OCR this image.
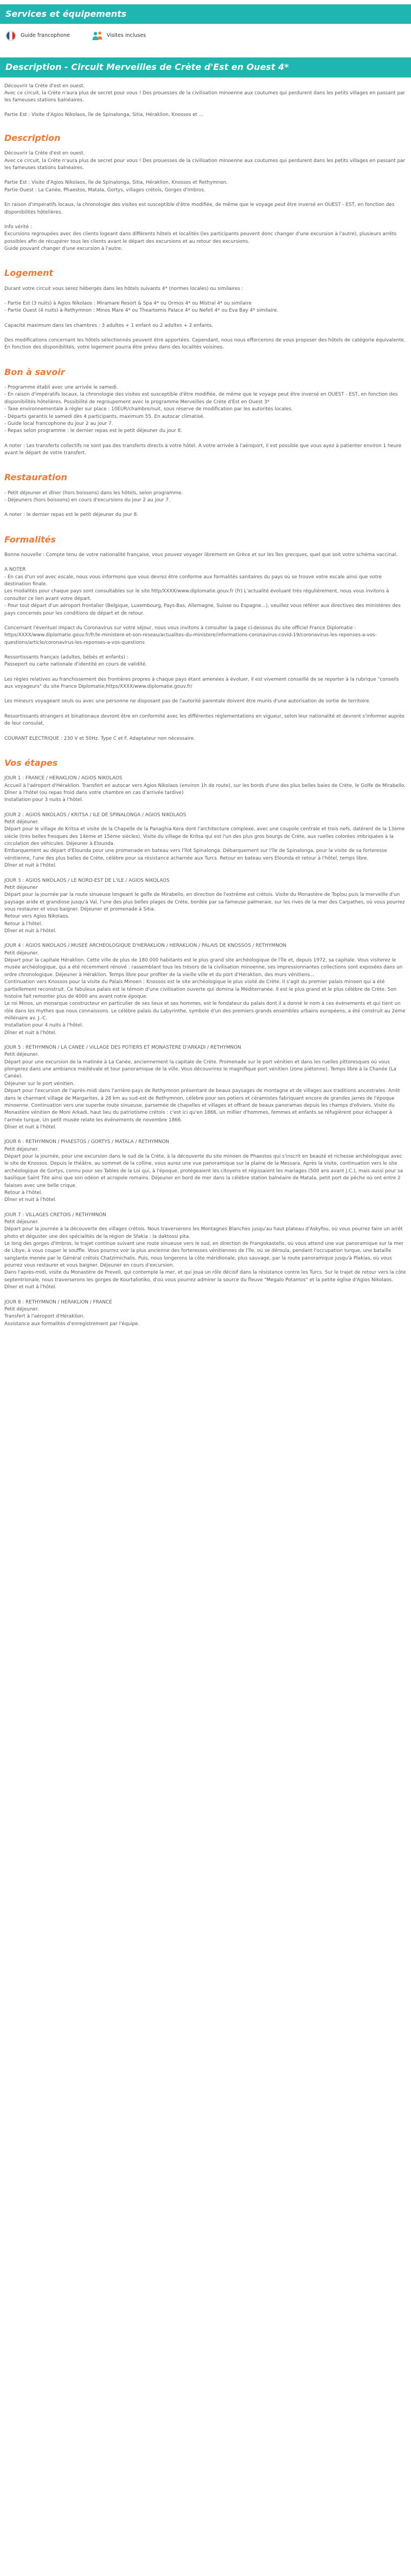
Services et équipements
Guide francophone	Visites incluses
Description - Circuit Merveilles de Crète d'Est en Ouest 4*

Découvrir la Crète d'est en ouest.

Avec ce circuit, la Crète n'aura plus de secret pour vous ! Des prouesses de la civilisation minoenne aux coutumes qui perdurent dans les petits villages en passant par les fameuses stations balnéaires.

Partie Est : Visite d'Agios Nikolaos, île de Spinalonga, Sitia, Héraklion, Knossos et ...

Description

Découvrir la Crète d'est en ouest.

Avec ce circuit, la Crète n'aura plus de secret pour vous ! Des prouesses de la civilisation minoenne aux coutumes qui perdurent dans les petits villages en passant par les fameuses stations balnéaires.

Partie Est : Visite d'Agios Nikolaos, île de Spinalonga, Sitia, Héraklion, Knossos et Rethymnon.

Partie Ouest : La Canée, Phaestos, Matala, Gortys, villages crétois, Gorges d'Imbros.

En raison d'impératifs locaux, la chronologie des visites est susceptible d'être modifiée, de même que le voyage peut être inversé en OUEST - EST, en fonction des disponibilités hôtelières.

Info vérité :

Excursions regroupées avec des clients logeant dans différents hôtels et localités (les participants peuvent donc changer d'une excursion à l'autre), plusieurs arrêts possibles afin de récupérer tous les clients avant le départ des excursions et au retour des excursions.

Guide pouvant changer d'une excursion à l'autre.

Logement

Durant votre circuit vous serez hébergés dans les hôtels suivants 4* (normes locales) ou similaires :

- Partie Est (3 nuits) à Agios Nikolaos : Miramare Resort & Spa 4* ou Ormos 4* ou Mistral 4* ou similaire

- Partie Ouest (4 nuits) à Rethymnon : Minos Mare 4* ou Theartemis Palace 4* ou Nefeli 4* ou Eva Bay 4* similaire.

Capacité maximum dans les chambres : 3 adultes + 1 enfant ou 2 adultes + 2 enfants.

Des modifications concernant les hôtels sélectionnés peuvent être apportées. Cependant, nous nous efforcerons de vous proposer des hôtels de catégorie équivalente. En fonction des disponibilités, votre logement pourra être prévu dans des localités voisines.

Bon à savoir

- Programme établi avec une arrivée le samedi.

- En raison d'impératifs locaux, la chronologie des visites est susceptible d'être modifiée, de même que le voyage peut être inversé en OUEST - EST, en fonction des disponibilités hôtelières. Possibilité de regroupement avec le programme Merveilles de Crète d'Est en Ouest 3*

- Taxe environnementale à régler sur place : 10EUR/chambre/nuit, sous réserve de modification par les autorités locales.

- Départs garantis le samedi dès 4 participants, maximum 55. En autocar climatisé.

- Guide local francophone du jour 2 au jour 7.

- Repas selon programme : le dernier repas est le petit déjeuner du jour 8.

A noter : Les transferts collectifs ne sont pas des transferts directs à votre hôtel. A votre arrivée à l'aéroport, il est possible que vous ayez à patienter environ 1 heure avant le départ de votre transfert.

Restauration

- Petit déjeuner et dîner (hors boissons) dans les hôtels, selon programme.

- Déjeuners (hors boissons) en cours d'excursions du jour 2 au jour 7.

A noter : le dernier repas est le petit déjeuner du jour 8.

Formalités

Bonne nouvelle : Compte tenu de votre nationalité française, vous pouvez voyager librement en Grèce et sur les îles grecques, quel que soit votre schéma vaccinal.

A NOTER

- En cas d'un vol avec escale, nous vous informons que vous devrez être conforme aux formalités sanitaires du pays où se trouve votre escale ainsi que votre destination finale.

Les modalités pour chaque pays sont consultables sur le site http/XXXX/www.diplomatie.gouv.fr (fr) L'actualité évoluant très régulièrement, nous vous invitons à consulter ce lien avant votre départ.

- Pour tout départ d'un aéroport frontalier (Belgique, Luxembourg, Pays-Bas, Allemagne, Suisse ou Espagne...), veuillez vous référer aux directives des ministères des pays concernés pour les conditions de départ et de retour.

Concernant l'éventuel impact du Coronavirus sur votre séjour, nous vous invitons à consulter la page ci-dessous du site officiel France Diplomatie :

https/XXXX/www.diplomatie.gouv.fr/fr/le-ministere-et-son-reseau/actualites-du-ministere/informations-coronavirus-covid-19/coronavirus-les-reponses-a-vos-questions/article/coronavirus-les-reponses-a-vos-questions

Ressortissants français (adultes, bébés et enfants) :

Passeport ou carte nationale d'identité en cours de validité.

Les règles relatives au franchissement des frontières propres à chaque pays étant amenées à évoluer, il est vivement conseillé de se reporter à la rubrique "conseils aux voyageurs" du site France Diplomatie;https/XXXX/www.diplomatie.gouv.fr/

Les mineurs voyageant seuls ou avec une personne ne disposant pas de l'autorité parentale doivent être munis d'une autorisation de sortie de territoire.

Ressortissants étrangers et binationaux devront être en conformité avec les différentes réglementations en vigueur, selon leur nationalité et devront s'informer auprès de leur consulat.

COURANT ELECTRIQUE : 230 V et 50Hz. Type C et F. Adaptateur non nécessaire.

Vos étapes

JOUR 1 : FRANCE / HERAKLION / AGIOS NIKOLAOS

Accueil à l'aéroport d'Héraklion. Transfert en autocar vers Agios Nikolaos (environ 1h de route), sur les bords d'une des plus belles baies de Crète, le Golfe de Mirabello.

Dîner à l'hôtel (ou repas froid dans votre chambre en cas d'arrivée tardive)

Installation pour 3 nuits à l'hôtel.

JOUR 2 : AGIOS NIKOLAOS / KRITSA / ILE DE SPINALONGA / AGIOS NIKOLAOS

Petit déjeuner.

Départ pour le village de Kritsa et visite de la Chapelle de la Panaghia Kera dont l'architecture complexe, avec une coupole centrale et trois nefs, datèrent de la 13ème siècle (très belles fresques des 14ème et 15ème siècles). Visite du village de Kritsa qui est l'un des plus gros bourgs de Crète, aux ruelles colorées imbriquées à la circulation des véhicules. Déjeuner à Elounda.

Embarquement au départ d'Elounda pour une promenade en bateau vers l'îlot Spinalonga. Débarquement sur l'île de Spinalonga, pour la visite de sa forteresse vénitienne, l'une des plus belles de Crète, célèbre pour sa résistance acharnée aux Turcs. Retour en bateau vers Elounda et retour à l'hôtel, temps libre.

Dîner et nuit à l'hôtel.

JOUR 3 : AGIOS NIKOLAOS / LE NORD-EST DE L'ILE / AGIOS NIKOLAOS

Petit déjeuner

Départ pour la journée par la route sinueuse longeant le golfe de Mirabello, en direction de l'extrême est crétois. Visite du Monastère de Toplou puis la merveille d'un paysage aride et grandiose jusqu'à Vaï, l'une des plus belles plages de Crète, bordée par sa fameuse palmeraie, sur les rives de la mer des Carpathes, où vous pourrez vous restaurer et vous baigner. Déjeuner et promenade à Sitia.

Retour vers Agios Nikolaos.

Retour à l'hôtel.

Dîner et nuit à l'hôtel.

JOUR 4 : AGIOS NIKOLAOS / MUSEE ARCHEOLOGIQUE D'HERAKLION / HERAKLION / PALAIS DE KNOSSOS / RETHYMNON

Petit déjeuner.

Départ pour la capitale Héraklion. Cette ville de plus de 180.000 habitants est le plus grand site archéologique de l'île et, depuis 1972, sa capitale. Vous visiterez le musée archéologique, qui a été récemment rénové : rassemblant tous les trésors de la civilisation minoenne, ses impressionnantes collections sont exposées dans un ordre chronologique. Déjeuner à Héraklion. Temps libre pour profiter de la vieille ville et du port d'Héraklion, des murs vénitiens...

Continuation vers Knossos pour la visite du Palais Minoen : Knossos est le site archéologique le plus visité de Crète. Il s'agit du premier palais minoen qui a été partiellement reconstruit. Ce fabuleux palais est le témoin d'une civilisation ouverte qui domina la Méditerranée. Il est le plus grand et le plus célèbre de Crète. Son histoire fait remonter plus de 4000 ans avant notre époque.

Le roi Minos, un monarque constructeur en particulier de ses lieux et ses hommes, est le fondateur du palais dont il a donné le nom à ces évènements et qui tient un rôle dans les mythes que nous connaissons. Le célèbre palais du Labyrinthe, symbole d'un des premiers grands ensembles urbains européens, a été construit au 2ème millénaire av. J.-C.

Installation pour 4 nuits à l'hôtel.

Dîner et nuit à l'hôtel.

JOUR 5 : RETHYMNON / LA CANEE / VILLAGE DES POTIERS ET MONASTERE D'ARKADI / RETHYMNON

Petit déjeuner.

Départ pour une excursion de la matinée à La Canée, anciennement la capitale de Crète. Promenade sur le port vénitien et dans les ruelles pittoresques où vous plongerez dans une ambiance médiévale et tour panoramique de la ville. Vous découvrirez le magnifique port vénitien (zone piétonne). Temps libre à la Chanée (La Canée).

Déjeuner sur le port vénitien.

Départ pour l'excursion de l'après-midi dans l'arrière-pays de Rethymnon présentant de beaux paysages de montagne et de villages aux traditions ancestrales. Arrêt dans le charmant village de Margarites, à 28 km au sud-est de Rethymnon, célèbre pour ses potiers et céramistes fabriquant encore de grandes jarres de l'époque minoenne. Continuation vers une superbe route sinueuse, parsemée de chapelles et villages et offrant de beaux panoramas depuis les champs d'oliviers. Visite du Monastère vénitien de Moni Arkadi, haut lieu du patriotisme crétois : c'est ici qu'en 1866, un millier d'hommes, femmes et enfants se réfugièrent pour échapper à l'armée turque. Un petit musée relate les événements de novembre 1866.

Dîner et nuit à l'hôtel.

JOUR 6 : RETHYMNON / PHAESTOS / GORTYS / MATALA / RETHYMNON

Petit déjeuner.

Départ pour la journée, pour une excursion dans le sud de la Crète, à la découverte du site minoen de Phaestos qui s'inscrit en beauté et richesse archéologique avec le site de Knossos. Depuis le théâtre, au sommet de la colline, vous aurez une vue panoramique sur la plaine de la Messara. Après la visite, continuation vers le site archéologique de Gortys, connu pour ses Tables de la Loi qui, à l'époque, protégeaient les citoyens et régissaient les mariages (500 ans avant J.C.), mais aussi pour sa basilique Saint Tite ainsi que son odéon et acropole romains. Déjeuner en bord de mer dans la célèbre station balnéaire de Matala, petit port de pêche où ont entre 2 falaises avec une belle crique.

Retour à l'hôtel.

Dîner et nuit à l'hôtel.

JOUR 7 : VILLAGES CRETOIS / RETHYMNON

Petit déjeuner.

Départ pour la journée à la découverte des villages crétois. Nous traverserons les Montagnes Blanches jusqu'au haut plateau d'Askyfou, où vous pourrez faire un arrêt photo et déguster une des spécialités de la région de Sfakia : la daktossi pita.

Le long des gorges d'Imbros, le trajet continue suivant une route sinueuse vers le sud, en direction de Frangokastello, où vous attend une vue panoramique sur la mer de Libye, à vous couper le souffle. Vous pourrez voir la plus ancienne des forteresses vénitiennes de l'île, où se déroula, pendant l'occupation turque, une bataille sanglante menée par le Général crétois Chatzimichalis. Puis, nous longerons la côte méridionale, plus sauvage, par la route panoramique jusqu'à Plakias, où vous pourrez vous restaurer et vous baigner. Déjeuner en cours d'excursion.

Dans l'après-midi, visite du Monastère de Preveli, qui contemple la mer, et qui joua un rôle décisif dans la résistance contre les Turcs. Sur le trajet de retour vers la côte septentrionale, nous traverserons les gorges de Kourtaliotiko, d'où vous pourrez admirer la source du fleuve "Megalo Potamos" et la petite église d'Agios Nikolaos.

Dîner et nuit à l'hôtel.

JOUR 8 : RETHYMNON / HERAKLION / FRANCE

Petit déjeuner.

Transfert à l'aéroport d'Héraklion.

Assistance aux formalités d'enregistrement par l'équipe.
